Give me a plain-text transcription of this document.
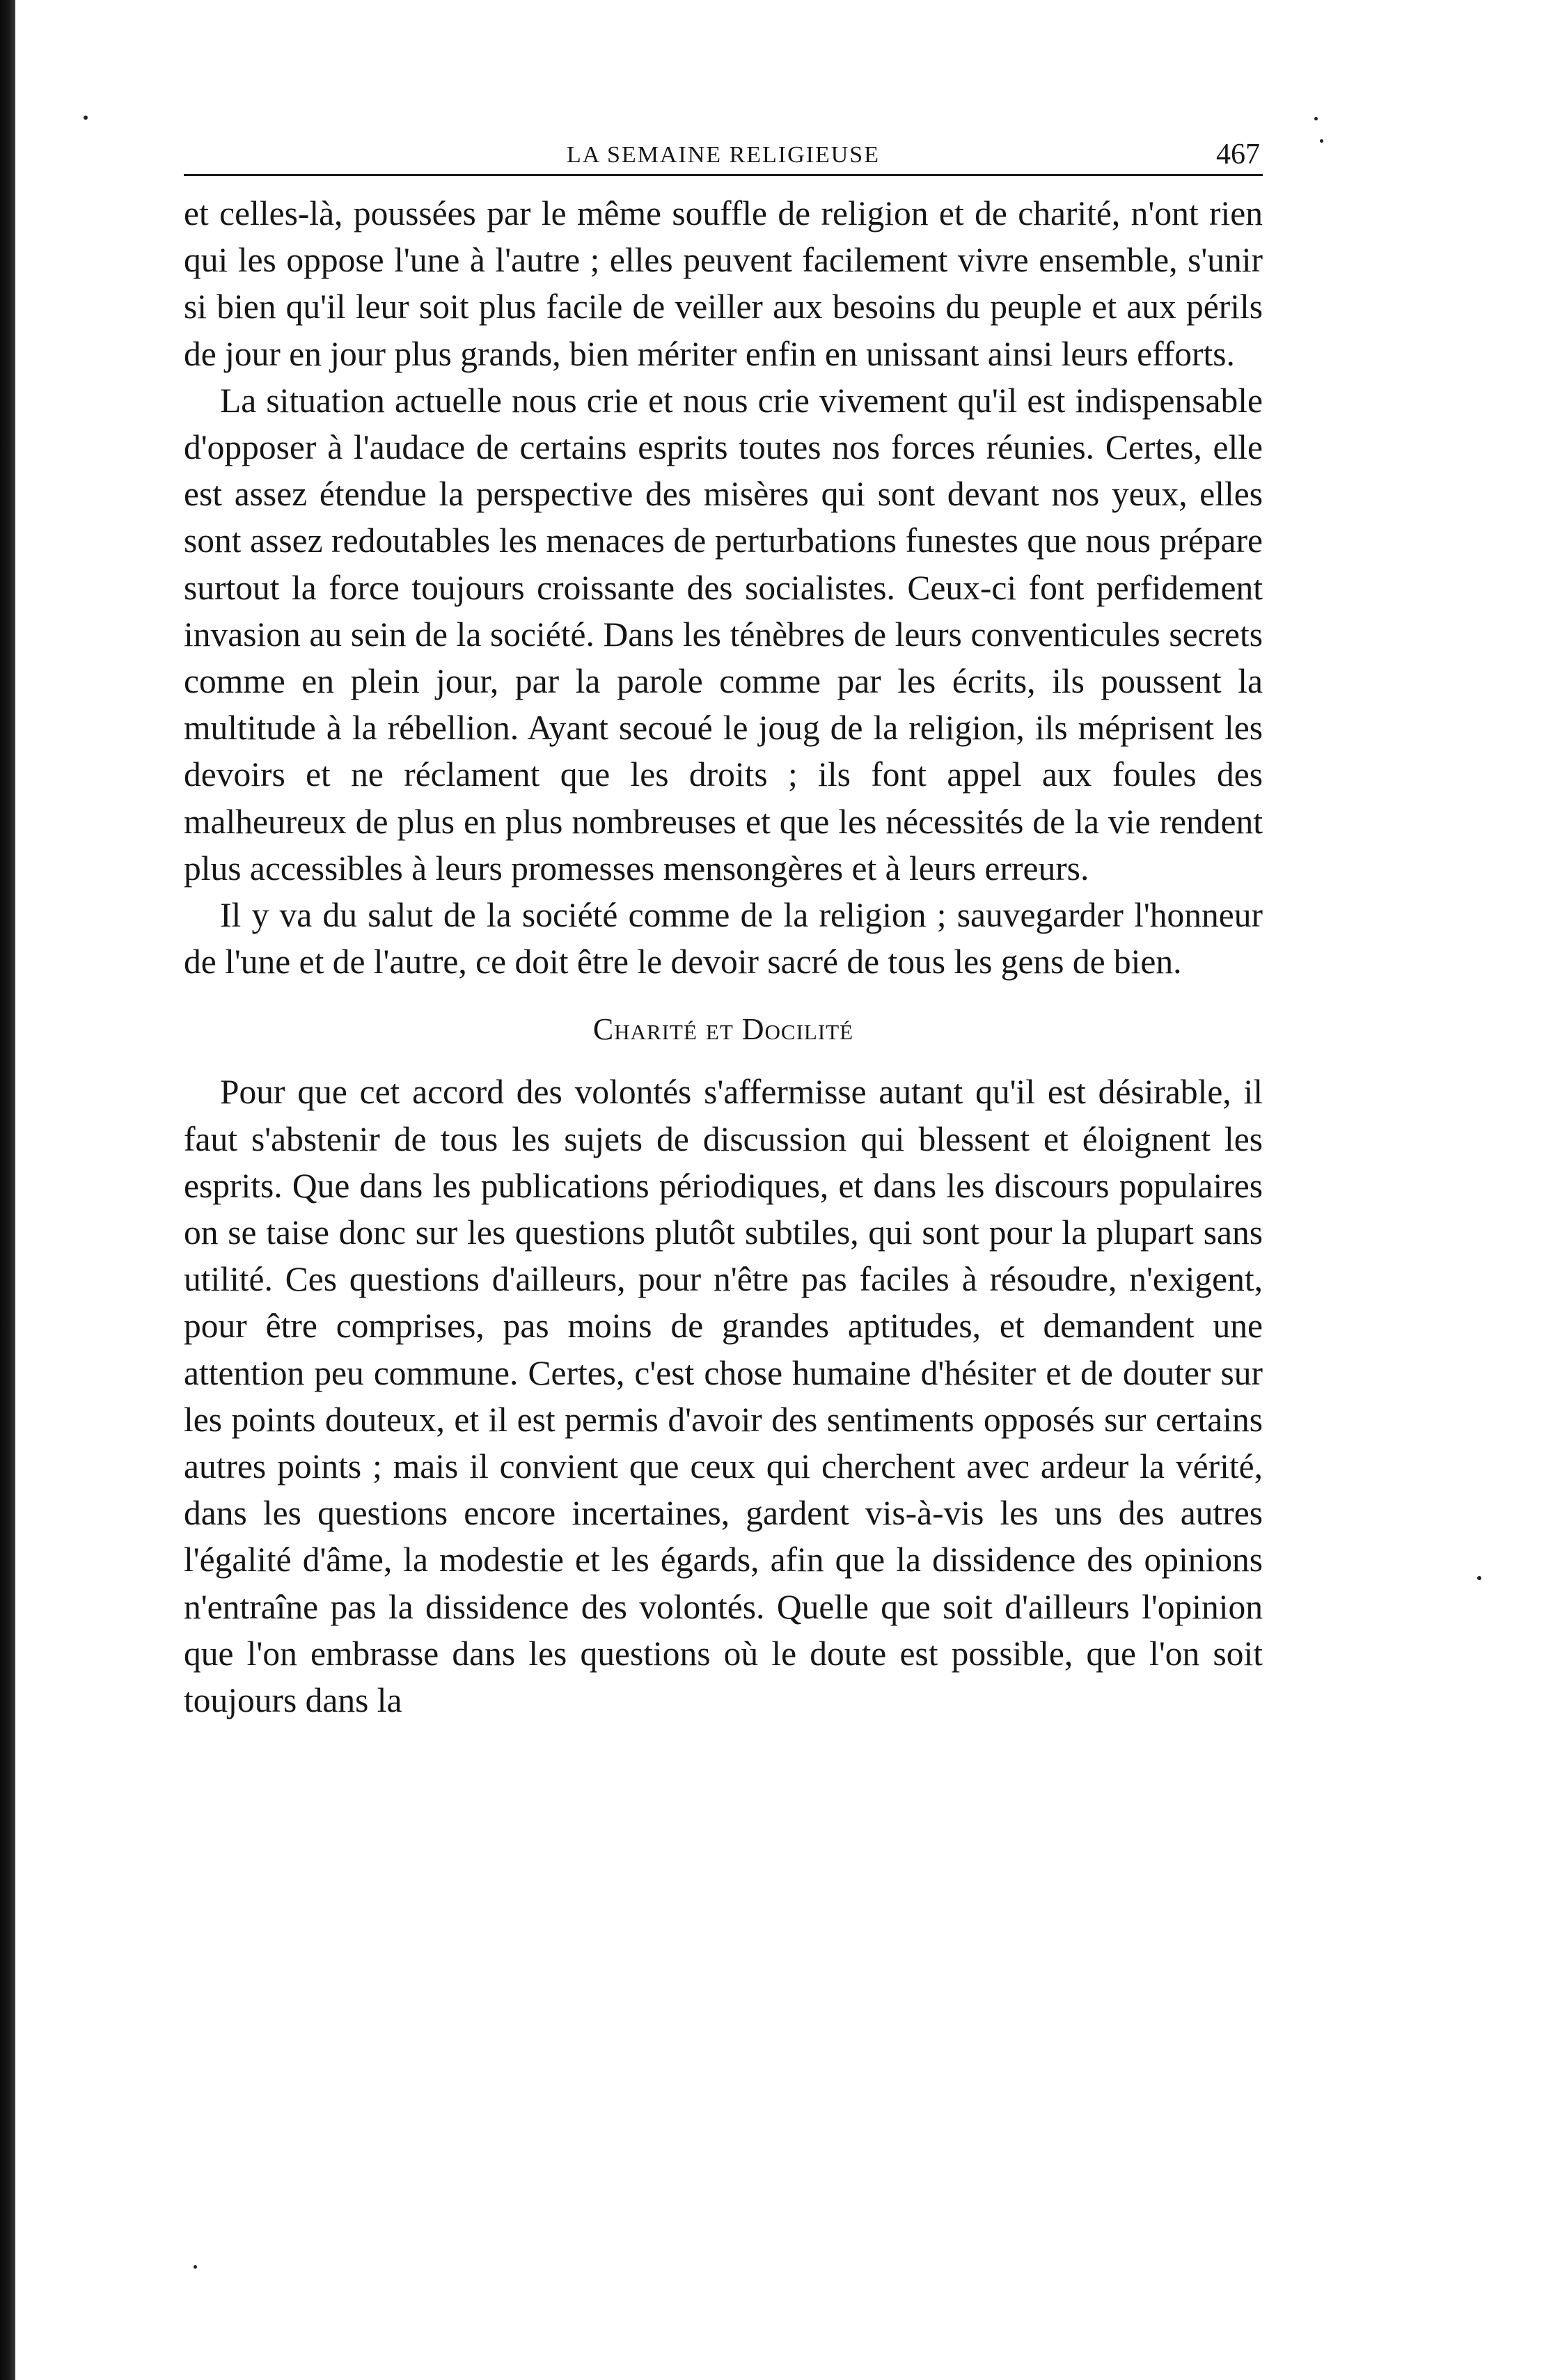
LA SEMAINE RELIGIEUSE	467

et celles-là, poussées par le même souffle de religion et de charité, n'ont rien qui les oppose l'une à l'autre ; elles peuvent facilement vivre ensemble, s'unir si bien qu'il leur soit plus facile de veiller aux besoins du peuple et aux périls de jour en jour plus grands, bien mériter enfin en unissant ainsi leurs efforts.

La situation actuelle nous crie et nous crie vivement qu'il est indispensable d'opposer à l'audace de certains esprits toutes nos forces réunies. Certes, elle est assez étendue la perspective des misères qui sont devant nos yeux, elles sont assez redoutables les menaces de perturbations funestes que nous prépare surtout la force toujours croissante des socialistes. Ceux-ci font perfidement invasion au sein de la société. Dans les ténèbres de leurs conventicules secrets comme en plein jour, par la parole comme par les écrits, ils poussent la multitude à la rébellion. Ayant secoué le joug de la religion, ils méprisent les devoirs et ne réclament que les droits ; ils font appel aux foules des malheureux de plus en plus nombreuses et que les nécessités de la vie rendent plus accessibles à leurs promesses mensongères et à leurs erreurs.

Il y va du salut de la société comme de la religion ; sauvegarder l'honneur de l'une et de l'autre, ce doit être le devoir sacré de tous les gens de bien.

Charité et Docilité

Pour que cet accord des volontés s'affermisse autant qu'il est désirable, il faut s'abstenir de tous les sujets de discussion qui blessent et éloignent les esprits. Que dans les publications périodiques, et dans les discours populaires on se taise donc sur les questions plutôt subtiles, qui sont pour la plupart sans utilité. Ces questions d'ailleurs, pour n'être pas faciles à résoudre, n'exigent, pour être comprises, pas moins de grandes aptitudes, et demandent une attention peu commune. Certes, c'est chose humaine d'hésiter et de douter sur les points douteux, et il est permis d'avoir des sentiments opposés sur certains autres points ; mais il convient que ceux qui cherchent avec ardeur la vérité, dans les questions encore incertaines, gardent vis-à-vis les uns des autres l'égalité d'âme, la modestie et les égards, afin que la dissidence des opinions n'entraîne pas la dissidence des volontés. Quelle que soit d'ailleurs l'opinion que l'on embrasse dans les questions où le doute est possible, que l'on soit toujours dans la
